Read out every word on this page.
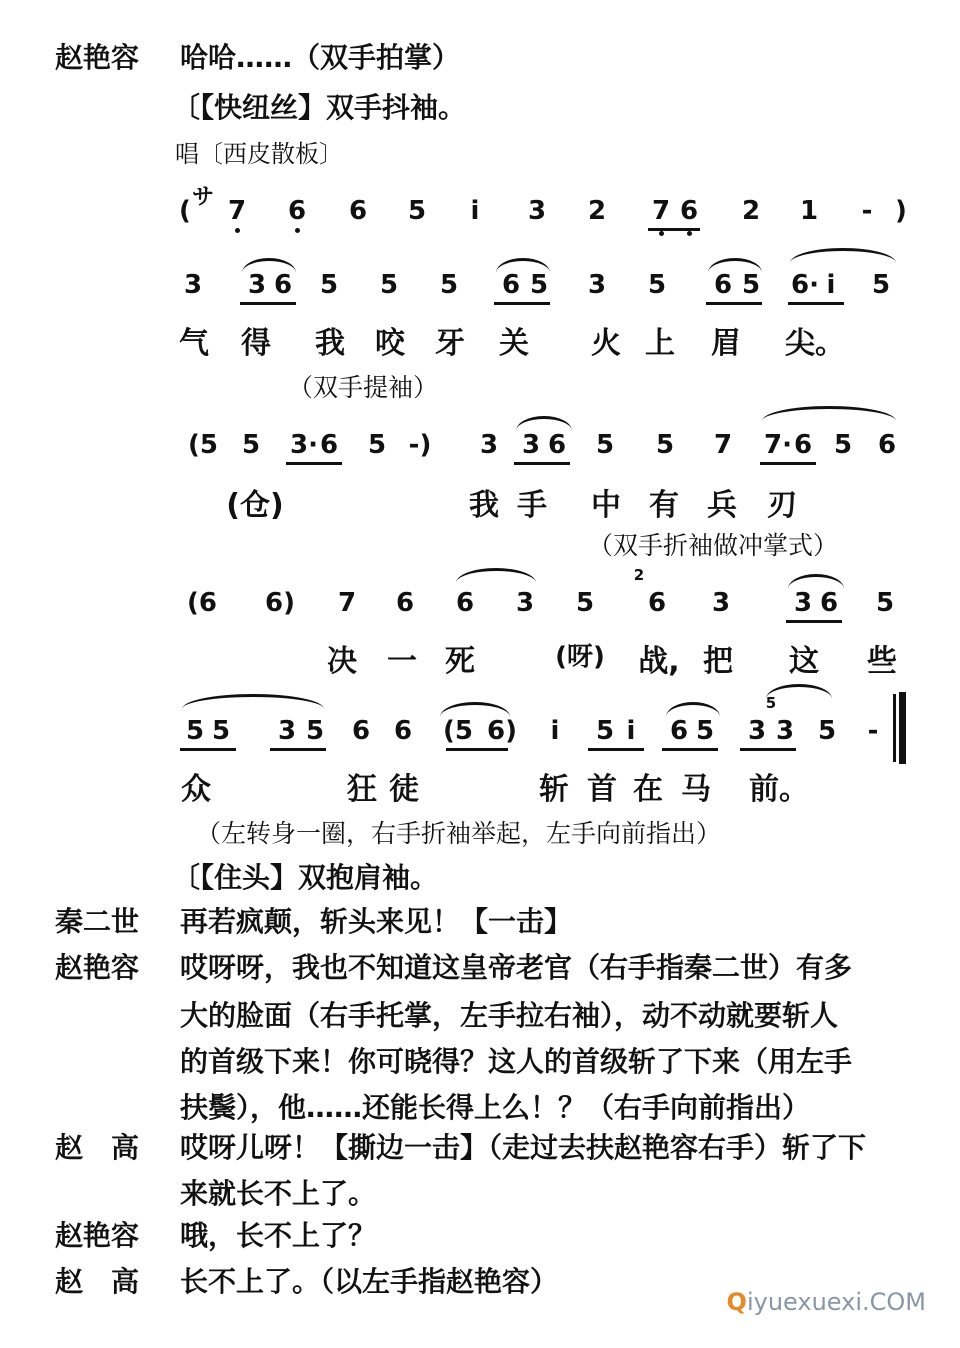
赵艳容 哈哈……（双手拍掌）
〔【快纽丝】双手抖袖。
唱〔西皮散板〕
( サ 7 6 6 5	i	3 2 7 6 2 1	- )
3 3 6 5 5 5 6 5 3 5 6 5 6· i	5
气 得 我 咬 牙 关 火 上 眉 尖。
（双手提袖）
(5 5 3· 6 5 -)	3 3 6 5 5 7 7· 6 5 6
(仓)	我 手 中 有 兵 刃
（双手折袖做冲掌式）
(6	6)	7 6 6 3 5
2
6 3 3 6 5
决 一 死	(呀)	战, 把 这 些
5 5 3 5 6 6	(5 6)	i	5 i	6 5
5
3 3 5	-
众	狂 徒	斩 首 在 马 前。
（左转身一圈，右手折袖举起，左手向前指出）
〔【住头】双抱肩袖。
秦二世 再若疯颠，斩头来见！【一击】
赵艳容 哎呀呀，我也不知道这皇帝老官（右手指秦二世）有多
大的脸面（右手托掌，左手拉右袖），动不动就要斩人
的首级下来！你可晓得？这人的首级斩了下来（用左手
扶鬓），他……还能长得上么！？（右手向前指出）
赵　高 哎呀儿呀！【撕边一击】（走过去扶赵艳容右手）斩了下
来就长不上了。
赵艳容 哦，长不上了？
赵　高 长不上了。（以左手指赵艳容）
Qiyuexuexi.COM
